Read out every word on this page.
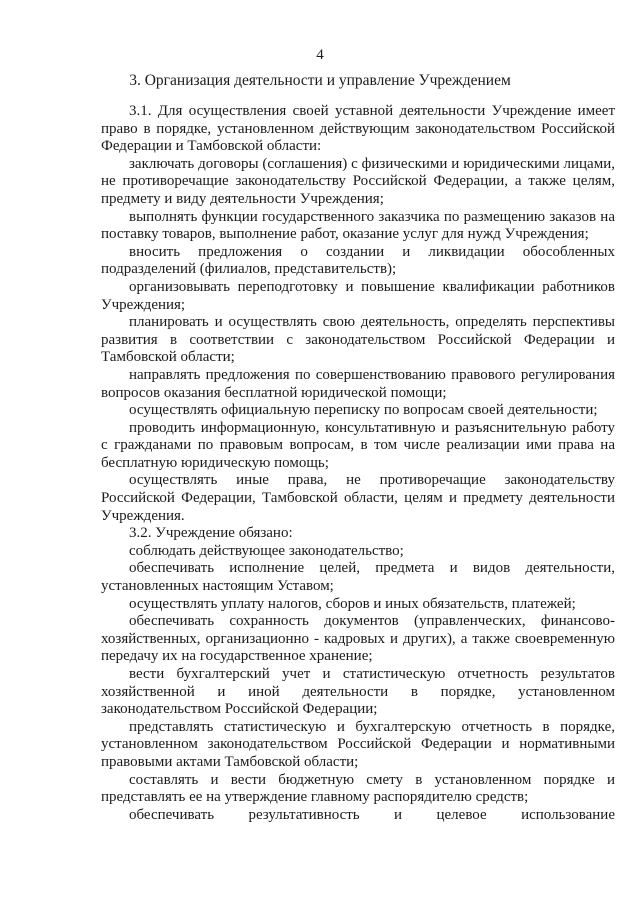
4
3. Организация деятельности и управление Учреждением

3.1. Для осуществления своей уставной деятельности Учреждение имеет право в порядке, установленном действующим законодательством Российской Федерации и Тамбовской области:

заключать договоры (соглашения) с физическими и юридическими лицами, не противоречащие законодательству Российской Федерации, а также целям, предмету и виду деятельности Учреждения;

выполнять функции государственного заказчика по размещению заказов на поставку товаров, выполнение работ, оказание услуг для нужд Учреждения;

вносить предложения о создании и ликвидации обособленных подразделений (филиалов, представительств);

организовывать переподготовку и повышение квалификации работников Учреждения;

планировать и осуществлять свою деятельность, определять перспективы развития в соответствии с законодательством Российской Федерации и Тамбовской области;

направлять предложения по совершенствованию правового регулирования вопросов оказания бесплатной юридической помощи;

осуществлять официальную переписку по вопросам своей деятельности;

проводить информационную, консультативную и разъяснительную работу с гражданами по правовым вопросам, в том числе реализации ими права на бесплатную юридическую помощь;

осуществлять иные права, не противоречащие законодательству Российской Федерации, Тамбовской области, целям и предмету деятельности Учреждения.

3.2. Учреждение обязано:

соблюдать действующее законодательство;

обеспечивать исполнение целей, предмета и видов деятельности, установленных настоящим Уставом;

осуществлять уплату налогов, сборов и иных обязательств, платежей;

обеспечивать сохранность документов (управленческих, финансово-хозяйственных, организационно - кадровых и других), а также своевременную передачу их на государственное хранение;

вести бухгалтерский учет и статистическую отчетность результатов хозяйственной и иной деятельности в порядке, установленном законодательством Российской Федерации;

представлять статистическую и бухгалтерскую отчетность в порядке, установленном законодательством Российской Федерации и нормативными правовыми актами Тамбовской области;

составлять и вести бюджетную смету в установленном порядке и представлять ее на утверждение главному распорядителю средств;

обеспечивать результативность и целевое использование
